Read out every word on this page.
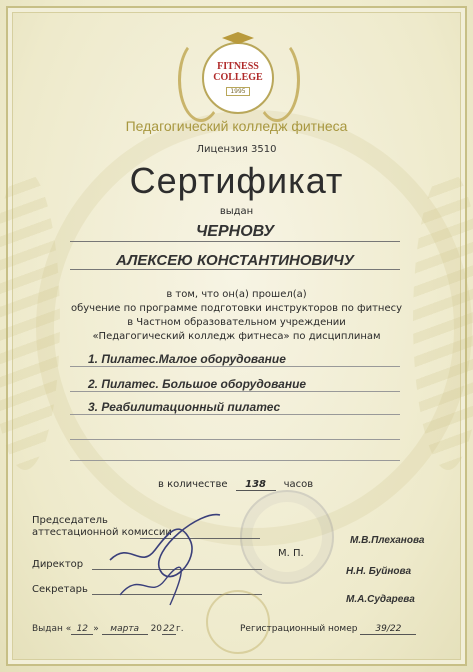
FITNESS
COLLEGE
1995
Педагогический колледж фитнеса
Лицензия 3510
Сертификат
выдан
ЧЕРНОВУ
АЛЕКСЕЮ КОНСТАНТИНОВИЧУ
в том, что он(а) прошел(а)
обучение по программе подготовки инструкторов по фитнесу
в Частном образовательном учреждении
«Педагогический колледж фитнеса» по дисциплинам
1. Пилатес.Малое оборудование
2. Пилатес. Большое оборудование
3. Реабилитационный пилатес
в количестве 138 часов
Председатель
аттестационной комиссии
Директор
Секретарь
М. П.
М.В.Плеханова
Н.Н. Буйнова
М.А.Сударева
Выдан « 12 » марта 2022г.	Регистрационный номер 39/22
